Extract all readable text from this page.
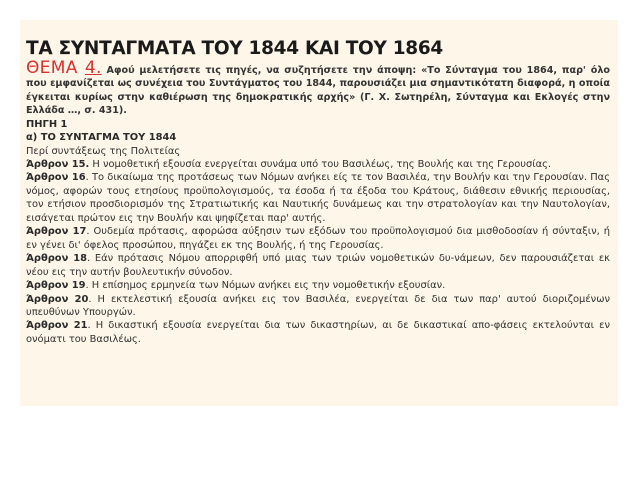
ΤΑ ΣΥΝΤΑΓΜΑΤΑ ΤΟΥ 1844 ΚΑΙ ΤΟΥ 1864
ΘΕΜΑ 4. Αφού μελετήσετε τις πηγές, να συζητήσετε την άποψη: «Το Σύνταγμα του 1864, παρ' όλο που εμφανίζεται ως συνέχεια του Συντάγματος του 1844, παρουσιάζει μια σημαντικότατη διαφορά, η οποία έγκειται κυρίως στην καθιέρωση της δημοκρατικής αρχής» (Γ. Χ. Σωτηρέλη, Σύνταγμα και Εκλογές στην Ελλάδα …, σ. 431).
ΠΗΓΗ 1
α) ΤΟ ΣΥΝΤΑΓΜΑ ΤΟΥ 1844
Περί συντάξεως της Πολιτείας

Άρθρον 15. Η νομοθετική εξουσία ενεργείται συνάμα υπό του Βασιλέως, της Βουλής και της Γερουσίας.

Άρθρον 16. Το δικαίωμα της προτάσεως των Νόμων ανήκει είς τε τον Βασιλέα, την Βουλήν και την Γερουσίαν. Πας νόμος, αφορών τους ετησίους προϋπολογισμούς, τα έσοδα ή τα έξοδα του Κράτους, διάθεσιν εθνικής περιουσίας, τον ετήσιον προσδιορισμόν της Στρατιωτικής και Ναυτικής δυνάμεως και την στρατολογίαν και την Ναυτολογίαν, εισάγεται πρώτον εις την Βουλήν και ψηφίζεται παρ' αυτής.

Άρθρον 17. Ουδεμία πρότασις, αφορώσα αύξησιν των εξόδων του προϋπολογισμού δια μισθοδοσίαν ή σύνταξιν, ή εν γένει δι' όφελος προσώπου, πηγάζει εκ της Βουλής, ή της Γερουσίας.

Άρθρον 18. Εάν πρότασις Νόμου απορριφθή υπό μιας των τριών νομοθετικών δυ-νάμεων, δεν παρουσιάζεται εκ νέου εις την αυτήν βουλευτικήν σύνοδον.

Άρθρον 19. Η επίσημος ερμηνεία των Νόμων ανήκει εις την νομοθετικήν εξουσίαν.

Άρθρον 20. Η εκτελεστική εξουσία ανήκει εις τον Βασιλέα, ενεργείται δε δια των παρ' αυτού διοριζομένων υπευθύνων Υπουργών.

Άρθρον 21. Η δικαστική εξουσία ενεργείται δια των δικαστηρίων, αι δε δικαστικαί απο-φάσεις εκτελούνται εν ονόματι του Βασιλέως.
